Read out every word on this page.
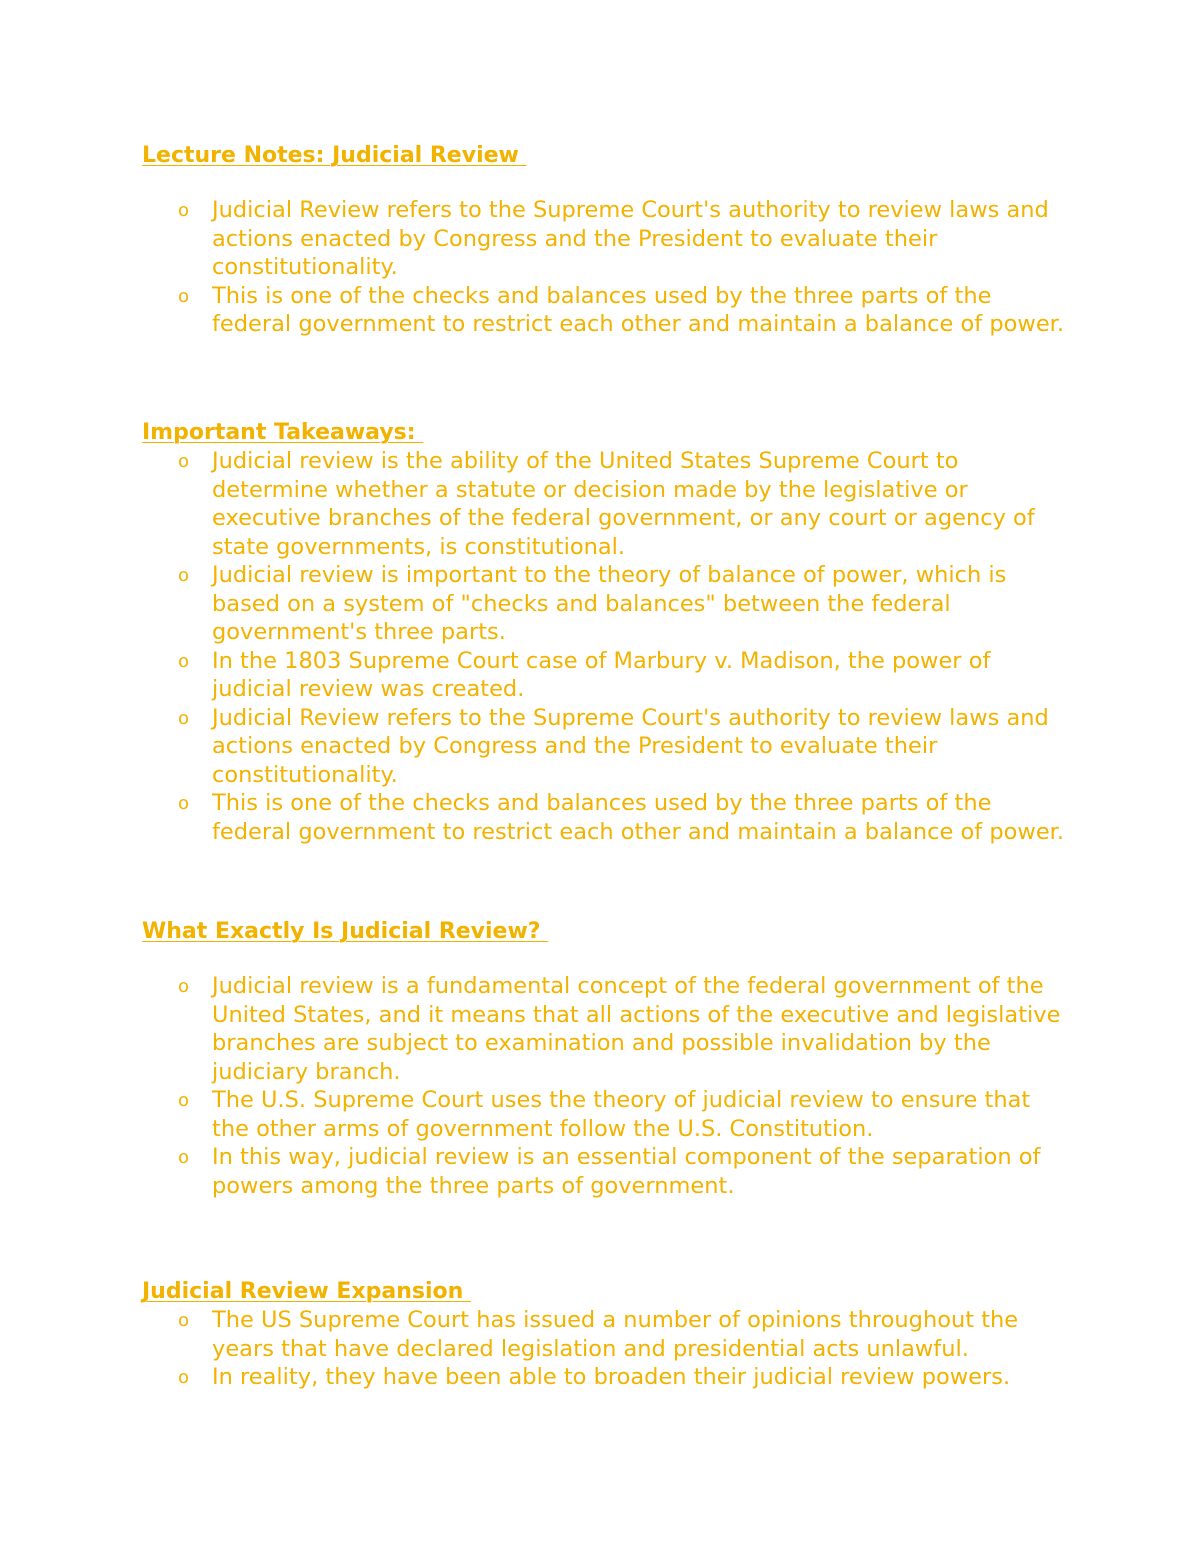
Lecture Notes: Judicial Review

o Judicial Review refers to the Supreme Court's authority to review laws and actions enacted by Congress and the President to evaluate their constitutionality.
o This is one of the checks and balances used by the three parts of the federal government to restrict each other and maintain a balance of power.

Important Takeaways:

o Judicial review is the ability of the United States Supreme Court to determine whether a statute or decision made by the legislative or executive branches of the federal government, or any court or agency of state governments, is constitutional.
o Judicial review is important to the theory of balance of power, which is based on a system of "checks and balances" between the federal government's three parts.
o In the 1803 Supreme Court case of Marbury v. Madison, the power of judicial review was created.
o Judicial Review refers to the Supreme Court's authority to review laws and actions enacted by Congress and the President to evaluate their constitutionality.
o This is one of the checks and balances used by the three parts of the federal government to restrict each other and maintain a balance of power.

What Exactly Is Judicial Review?

o Judicial review is a fundamental concept of the federal government of the United States, and it means that all actions of the executive and legislative branches are subject to examination and possible invalidation by the judiciary branch.
o The U.S. Supreme Court uses the theory of judicial review to ensure that the other arms of government follow the U.S. Constitution.
o In this way, judicial review is an essential component of the separation of powers among the three parts of government.

Judicial Review Expansion

o The US Supreme Court has issued a number of opinions throughout the years that have declared legislation and presidential acts unlawful.
o In reality, they have been able to broaden their judicial review powers.
